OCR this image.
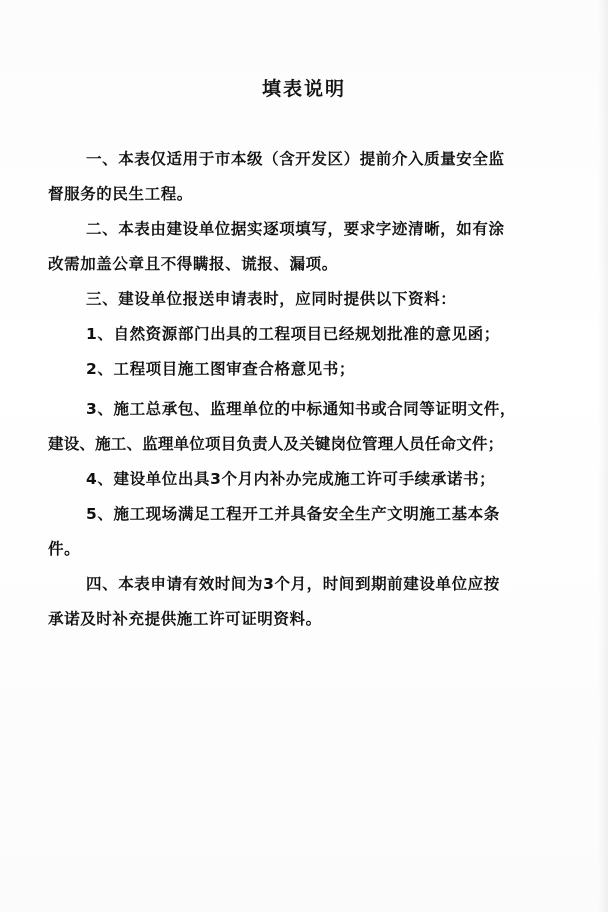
填表说明
一、本表仅适用于市本级（含开发区）提前介入质量安全监
督服务的民生工程。
二、本表由建设单位据实逐项填写，要求字迹清晰，如有涂
改需加盖公章且不得瞒报、谎报、漏项。
三、建设单位报送申请表时，应同时提供以下资料：
1、自然资源部门出具的工程项目已经规划批准的意见函；
2、工程项目施工图审查合格意见书；
3、施工总承包、监理单位的中标通知书或合同等证明文件，
建设、施工、监理单位项目负责人及关键岗位管理人员任命文件；
4、建设单位出具3个月内补办完成施工许可手续承诺书；
5、施工现场满足工程开工并具备安全生产文明施工基本条
件。
四、本表申请有效时间为3个月，时间到期前建设单位应按
承诺及时补充提供施工许可证明资料。
